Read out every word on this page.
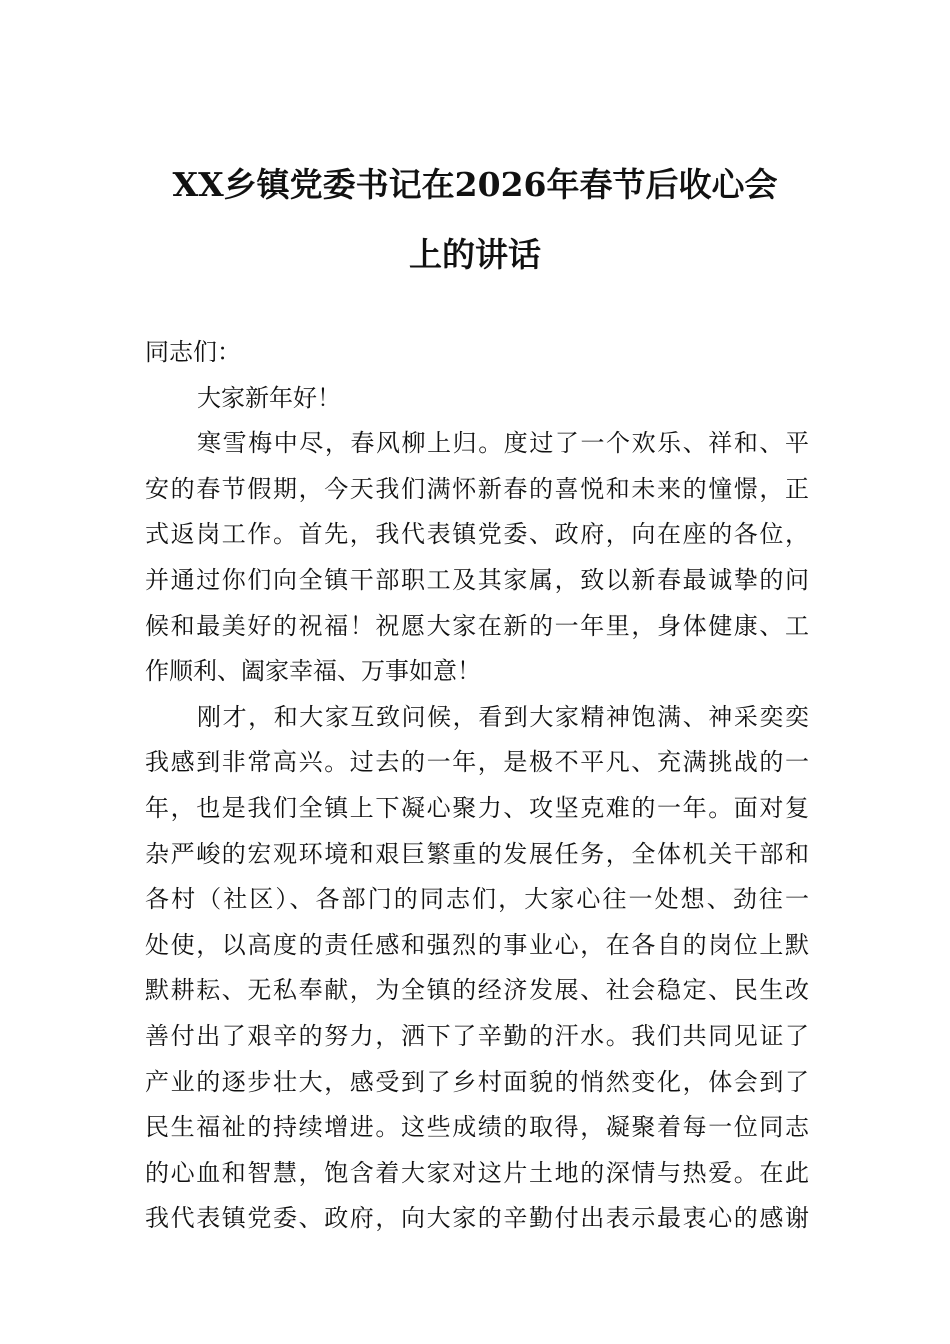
XX乡镇党委书记在2026年春节后收心会
上的讲话
同志们：
大家新年好！
寒雪梅中尽，春风柳上归。度过了一个欢乐、祥和、平
安的春节假期，今天我们满怀新春的喜悦和未来的憧憬，正
式返岗工作。首先，我代表镇党委、政府，向在座的各位，
并通过你们向全镇干部职工及其家属，致以新春最诚挚的问
候和最美好的祝福！祝愿大家在新的一年里，身体健康、工
作顺利、阖家幸福、万事如意！
刚才，和大家互致问候，看到大家精神饱满、神采奕奕
我感到非常高兴。过去的一年，是极不平凡、充满挑战的一
年，也是我们全镇上下凝心聚力、攻坚克难的一年。面对复
杂严峻的宏观环境和艰巨繁重的发展任务，全体机关干部和
各村（社区）、各部门的同志们，大家心往一处想、劲往一
处使，以高度的责任感和强烈的事业心，在各自的岗位上默
默耕耘、无私奉献，为全镇的经济发展、社会稳定、民生改
善付出了艰辛的努力，洒下了辛勤的汗水。我们共同见证了
产业的逐步壮大，感受到了乡村面貌的悄然变化，体会到了
民生福祉的持续增进。这些成绩的取得，凝聚着每一位同志
的心血和智慧，饱含着大家对这片土地的深情与热爱。在此
我代表镇党委、政府，向大家的辛勤付出表示最衷心的感谢
